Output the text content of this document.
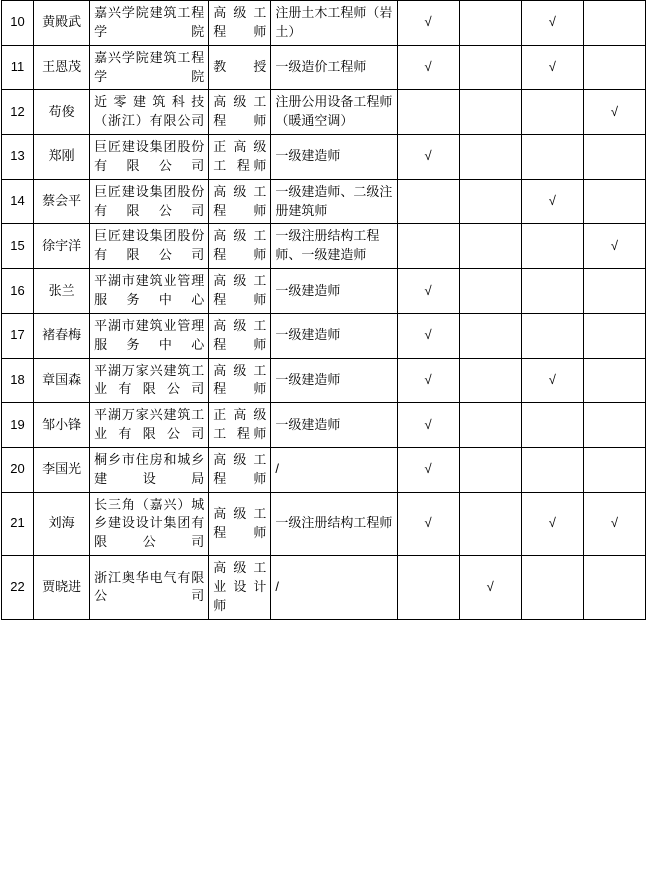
10	黄殿武	嘉兴学院建筑工程学院	高 级 工 程 师	注册土木工程师（岩土）	√		√	
11	王恩茂	嘉兴学院建筑工程学院	教授	一级造价工程师	√		√	
12	苟俊	近 零 建 筑 科 技（浙江）有限公司	高 级 工 程 师	注册公用设备工程师（暖通空调）				√
13	郑刚	巨匠建设集团股份有限公司	正 高 级 工 程师	一级建造师	√			
14	蔡会平	巨匠建设集团股份有限公司	高 级 工 程 师	一级建造师、二级注册建筑师			√	
15	徐宇洋	巨匠建设集团股份有限公司	高 级 工 程 师	一级注册结构工程师、一级建造师				√
16	张兰	平湖市建筑业管理服务中心	高 级 工 程 师	一级建造师	√			
17	褚春梅	平湖市建筑业管理服务中心	高 级 工 程 师	一级建造师	√			
18	章国森	平湖万家兴建筑工业有限公司	高 级 工 程 师	一级建造师	√		√	
19	邹小锋	平湖万家兴建筑工业有限公司	正 高 级 工 程师	一级建造师	√			
20	李国光	桐乡市住房和城乡建设局	高 级 工 程 师	/	√			
21	刘海	长三角（嘉兴）城乡建设设计集团有限公司	高 级 工 程 师	一级注册结构工程师	√		√	√
22	贾晓进	浙江奥华电气有限公司	高 级 工 业 设 计 师	/		√		
